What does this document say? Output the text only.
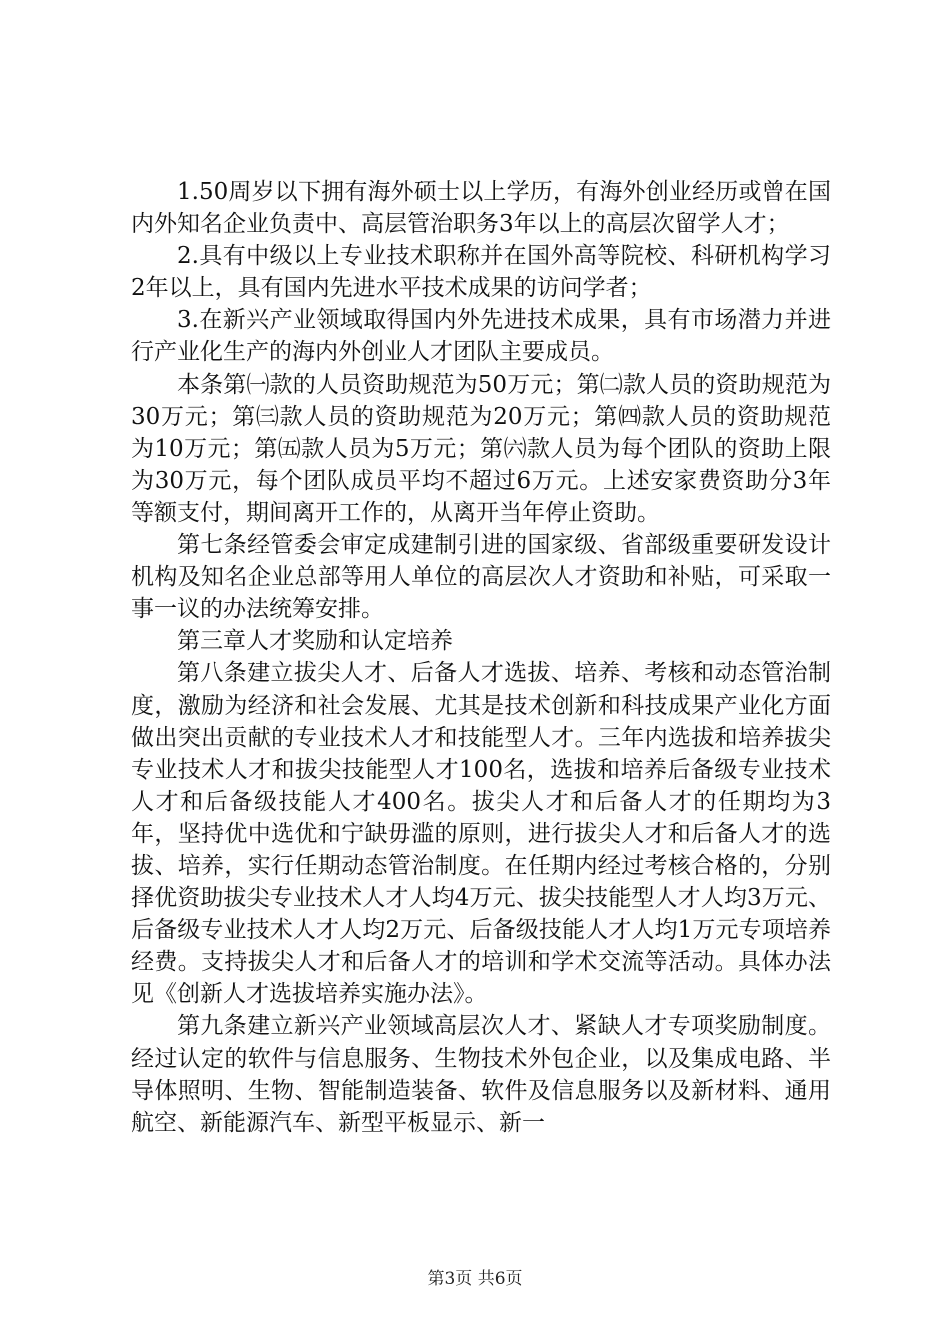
1.50周岁以下拥有海外硕士以上学历，有海外创业经历或曾在国内外知名企业负责中、高层管治职务3年以上的高层次留学人才；

2.具有中级以上专业技术职称并在国外高等院校、科研机构学习2年以上，具有国内先进水平技术成果的访问学者；

3.在新兴产业领域取得国内外先进技术成果，具有市场潜力并进行产业化生产的海内外创业人才团队主要成员。

本条第㈠款的人员资助规范为50万元；第㈡款人员的资助规范为30万元；第㈢款人员的资助规范为20万元；第㈣款人员的资助规范为10万元；第㈤款人员为5万元；第㈥款人员为每个团队的资助上限为30万元，每个团队成员平均不超过6万元。上述安家费资助分3年等额支付，期间离开工作的，从离开当年停止资助。

第七条经管委会审定成建制引进的国家级、省部级重要研发设计机构及知名企业总部等用人单位的高层次人才资助和补贴，可采取一事一议的办法统筹安排。

第三章人才奖励和认定培养

第八条建立拔尖人才、后备人才选拔、培养、考核和动态管治制度，激励为经济和社会发展、尤其是技术创新和科技成果产业化方面做出突出贡献的专业技术人才和技能型人才。三年内选拔和培养拔尖专业技术人才和拔尖技能型人才100名，选拔和培养后备级专业技术人才和后备级技能人才400名。拔尖人才和后备人才的任期均为3年，坚持优中选优和宁缺毋滥的原则，进行拔尖人才和后备人才的选拔、培养，实行任期动态管治制度。在任期内经过考核合格的，分别择优资助拔尖专业技术人才人均4万元、拔尖技能型人才人均3万元、后备级专业技术人才人均2万元、后备级技能人才人均1万元专项培养经费。支持拔尖人才和后备人才的培训和学术交流等活动。具体办法见《创新人才选拔培养实施办法》。

第九条建立新兴产业领域高层次人才、紧缺人才专项奖励制度。经过认定的软件与信息服务、生物技术外包企业，以及集成电路、半导体照明、生物、智能制造装备、软件及信息服务以及新材料、通用航空、新能源汽车、新型平板显示、新一

第3页 共6页
